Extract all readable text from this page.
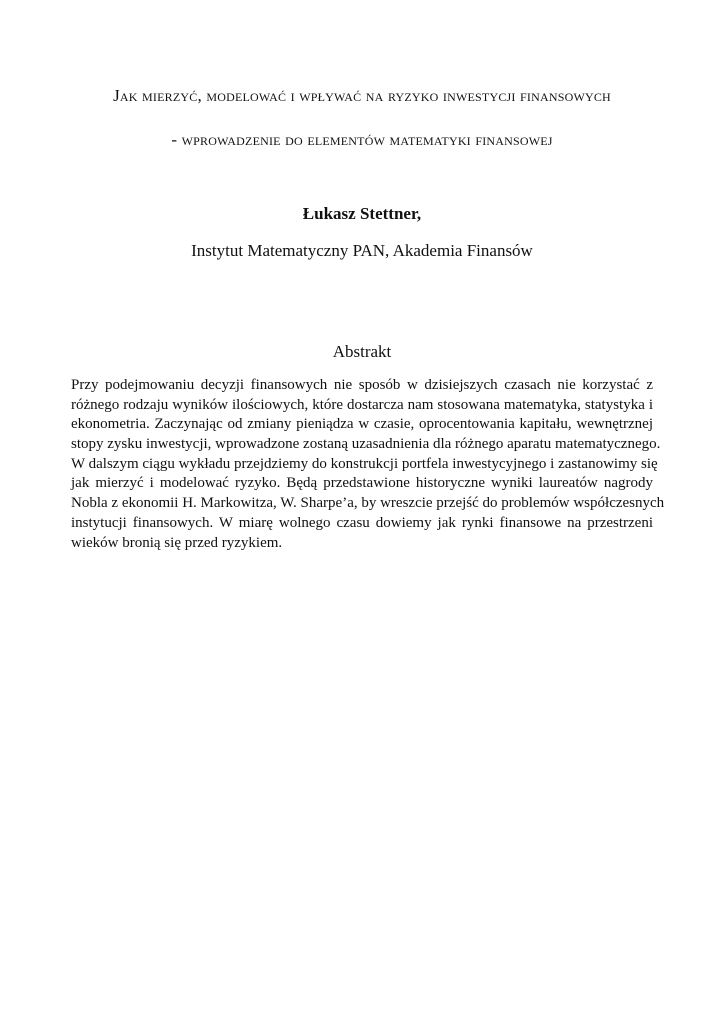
Jak mierzyć, modelować i wpływać na ryzyko inwestycji finansowych
- wprowadzenie do elementów matematyki finansowej
Łukasz Stettner,
Instytut Matematyczny PAN, Akademia Finansów
Abstrakt
Przy podejmowaniu decyzji finansowych nie sposób w dzisiejszych czasach nie korzystać z
różnego rodzaju wyników ilościowych, które dostarcza nam stosowana matematyka, statystyka i
ekonometria. Zaczynając od zmiany pieniądza w czasie, oprocentowania kapitału, wewnętrznej
stopy zysku inwestycji, wprowadzone zostaną uzasadnienia dla różnego aparatu matematycznego.
W dalszym ciągu wykładu przejdziemy do konstrukcji portfela inwestycyjnego i zastanowimy się
jak mierzyć i modelować ryzyko. Będą przedstawione historyczne wyniki laureatów nagrody
Nobla z ekonomii H. Markowitza, W. Sharpe’a, by wreszcie przejść do problemów współczesnych
instytucji finansowych. W miarę wolnego czasu dowiemy jak rynki finansowe na przestrzeni
wieków bronią się przed ryzykiem.
